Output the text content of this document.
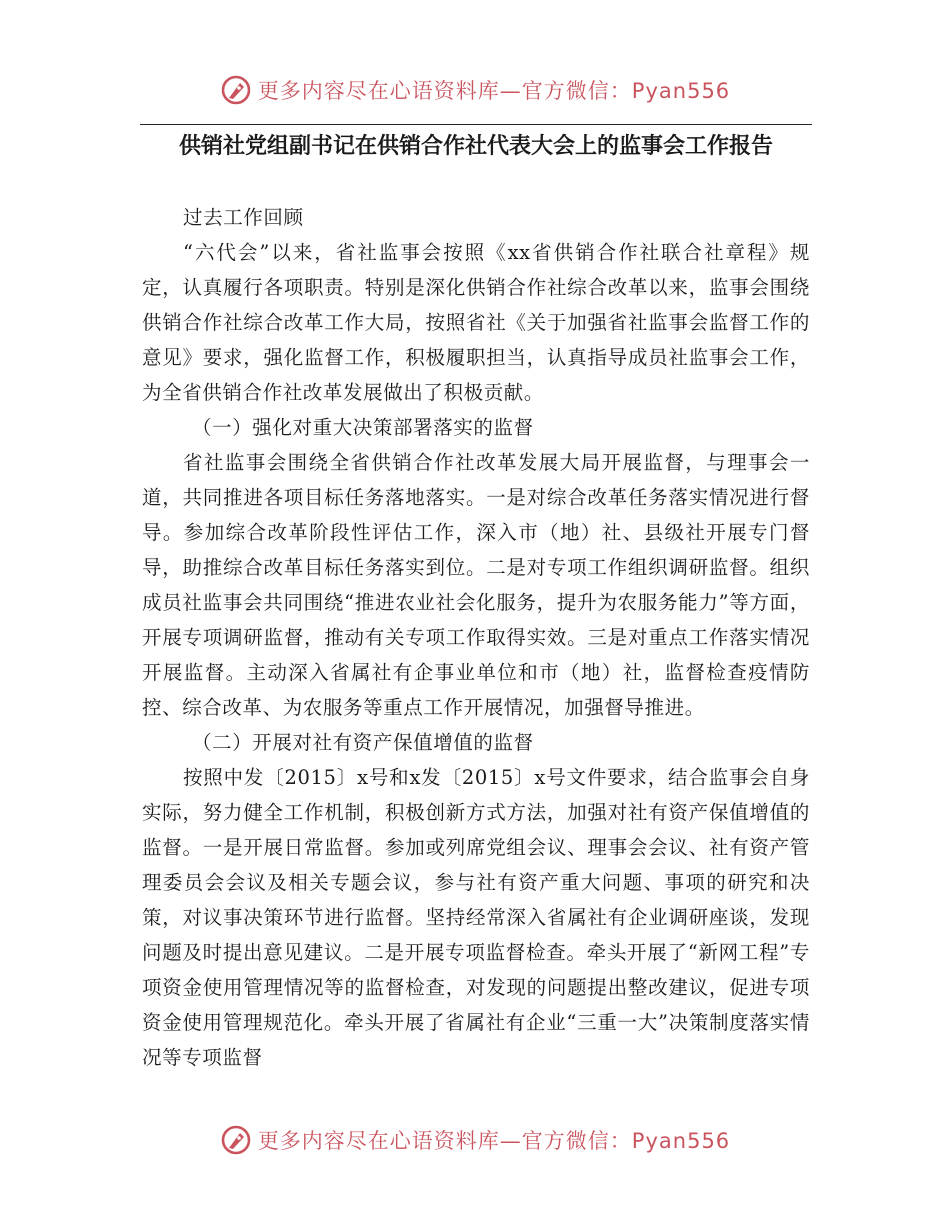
更多内容尽在心语资料库—官方微信：Pyan556
供销社党组副书记在供销合作社代表大会上的监事会工作报告

过去工作回顾

“六代会”以来，省社监事会按照《xx省供销合作社联合社章程》规定，认真履行各项职责。特别是深化供销合作社综合改革以来，监事会围绕供销合作社综合改革工作大局，按照省社《关于加强省社监事会监督工作的意见》要求，强化监督工作，积极履职担当，认真指导成员社监事会工作，为全省供销合作社改革发展做出了积极贡献。

（一）强化对重大决策部署落实的监督

省社监事会围绕全省供销合作社改革发展大局开展监督，与理事会一道，共同推进各项目标任务落地落实。一是对综合改革任务落实情况进行督导。参加综合改革阶段性评估工作，深入市（地）社、县级社开展专门督导，助推综合改革目标任务落实到位。二是对专项工作组织调研监督。组织成员社监事会共同围绕“推进农业社会化服务，提升为农服务能力”等方面，开展专项调研监督，推动有关专项工作取得实效。三是对重点工作落实情况开展监督。主动深入省属社有企事业单位和市（地）社，监督检查疫情防控、综合改革、为农服务等重点工作开展情况，加强督导推进。

（二）开展对社有资产保值增值的监督

按照中发〔2015〕x号和x发〔2015〕x号文件要求，结合监事会自身实际，努力健全工作机制，积极创新方式方法，加强对社有资产保值增值的监督。一是开展日常监督。参加或列席党组会议、理事会会议、社有资产管理委员会会议及相关专题会议，参与社有资产重大问题、事项的研究和决策，对议事决策环节进行监督。坚持经常深入省属社有企业调研座谈，发现问题及时提出意见建议。二是开展专项监督检查。牵头开展了“新网工程”专项资金使用管理情况等的监督检查，对发现的问题提出整改建议，促进专项资金使用管理规范化。牵头开展了省属社有企业“三重一大”决策制度落实情况等专项监督

更多内容尽在心语资料库—官方微信：Pyan556
